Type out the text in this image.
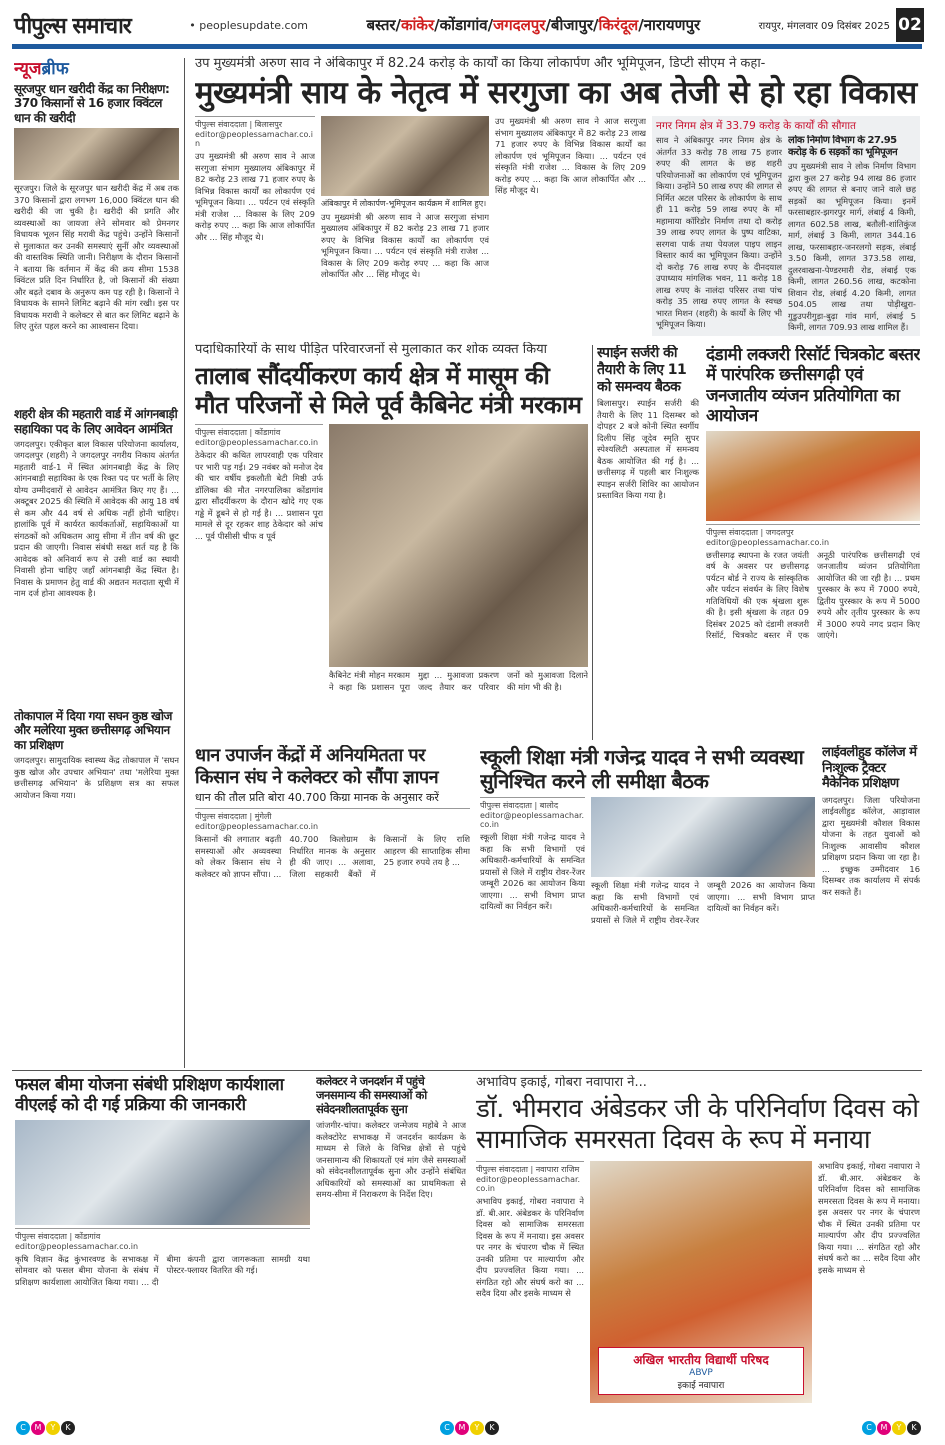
पीपुल्स समाचार	• peoplesupdate.com	बस्तर/कांकेर/कोंडागांव/जगदलपुर/बीजापुर/किरंदूल/नारायणपुर	रायपुर, मंगलवार 09 दिसंबर 2025 02
न्यूजब्रीफ
सूरजपुर धान खरीदी केंद्र का निरीक्षण: 370 किसानों से 16 हजार क्विंटल धान की खरीदी
सूरजपुर। जिले के सूरजपुर धान खरीदी केंद्र में अब तक 370 किसानों द्वारा लगभग 16,000 क्विंटल धान की खरीदी की जा चुकी है। खरीदी की प्रगति और व्यवस्थाओं का जायजा लेने सोमवार को प्रेमनगर विधायक भूलन सिंह मरावी केंद्र पहुंचे। उन्होंने किसानों से मुलाकात कर उनकी समस्याएं सुनीं और व्यवस्थाओं की वास्तविक स्थिति जानी। निरीक्षण के दौरान किसानों ने बताया कि वर्तमान में केंद्र की क्रय सीमा 1538 क्विंटल प्रति दिन निर्धारित है, जो किसानों की संख्या और बढ़ते दबाव के अनुरूप कम पड़ रही है। किसानों ने विधायक के सामने लिमिट बढ़ाने की मांग रखी। इस पर विधायक मरावी ने कलेक्टर से बात कर लिमिट बढ़ाने के लिए तुरंत पहल करने का आश्वासन दिया।
शहरी क्षेत्र की महतारी वार्ड में आंगनबाड़ी सहायिका पद के लिए आवेदन आमंत्रित
जगदलपुर। एकीकृत बाल विकास परियोजना कार्यालय, जगदलपुर (शहरी) ने जगदलपुर नगरीय निकाय अंतर्गत महतारी वार्ड-1 में स्थित आंगनबाड़ी केंद्र के लिए आंगनबाड़ी सहायिका के एक रिक्त पद पर भर्ती के लिए योग्य उम्मीदवारों से आवेदन आमंत्रित किए गए हैं। ... अक्टूबर 2025 की स्थिति में आवेदक की आयु 18 वर्ष से कम और 44 वर्ष से अधिक नहीं होनी चाहिए। हालांकि पूर्व में कार्यरत कार्यकर्ताओं, सहायिकाओं या संगठकों को अधिकतम आयु सीमा में तीन वर्ष की छूट प्रदान की जाएगी। निवास संबंधी सख्त शर्त यह है कि आवेदक को अनिवार्य रूप से उसी वार्ड का स्थायी निवासी होना चाहिए जहाँ आंगनबाड़ी केंद्र स्थित है। निवास के प्रमाणन हेतु वार्ड की अद्यतन मतदाता सूची में नाम दर्ज होना आवश्यक है।
तोकापाल में दिया गया सघन कुष्ठ खोज और मलेरिया मुक्त छत्तीसगढ़ अभियान का प्रशिक्षण
जगदलपुर। सामुदायिक स्वास्थ्य केंद्र तोकापाल में 'सघन कुष्ठ खोज और उपचार अभियान' तथा 'मलेरिया मुक्त छत्तीसगढ़ अभियान' के प्रशिक्षण सत्र का सफल आयोजन किया गया।
उप मुख्यमंत्री अरुण साव ने अंबिकापुर में 82.24 करोड़ के कार्यों का किया लोकार्पण और भूमिपूजन, डिप्टी सीएम ने कहा-
मुख्यमंत्री साय के नेतृत्व में सरगुजा का अब तेजी से हो रहा विकास
पीपुल्स संवाददाता | बिलासपुर
editor@peoplessamachar.co.in
उप मुख्यमंत्री श्री अरुण साव ने आज सरगुजा संभाग मुख्यालय अंबिकापुर में 82 करोड़ 23 लाख 71 हजार रुपए के विभिन्न विकास कार्यों का लोकार्पण एवं भूमिपूजन किया। ... पर्यटन एवं संस्कृति मंत्री राजेश ... विकास के लिए 209 करोड़ रुपए ... कहा कि आज लोकार्पित और ... सिंह मौजूद थे।
अंबिकापुर में लोकार्पण-भूमिपूजन कार्यक्रम में शामिल हुए।
उप मुख्यमंत्री श्री अरुण साव ने आज सरगुजा संभाग मुख्यालय अंबिकापुर में 82 करोड़ 23 लाख 71 हजार रुपए के विभिन्न विकास कार्यों का लोकार्पण एवं भूमिपूजन किया। ... पर्यटन एवं संस्कृति मंत्री राजेश ... विकास के लिए 209 करोड़ रुपए ... कहा कि आज लोकार्पित और ... सिंह मौजूद थे।
उप मुख्यमंत्री श्री अरुण साव ने आज सरगुजा संभाग मुख्यालय अंबिकापुर में 82 करोड़ 23 लाख 71 हजार रुपए के विभिन्न विकास कार्यों का लोकार्पण एवं भूमिपूजन किया। ... पर्यटन एवं संस्कृति मंत्री राजेश ... विकास के लिए 209 करोड़ रुपए ... कहा कि आज लोकार्पित और ... सिंह मौजूद थे।
नगर निगम क्षेत्र में 33.79 करोड़ के कार्यों की सौगात
साव ने अंबिकापुर नगर निगम क्षेत्र के अंतर्गत 33 करोड़ 78 लाख 75 हजार रुपए की लागत के छह शहरी परियोजनाओं का लोकार्पण एवं भूमिपूजन किया। उन्होंने 50 लाख रुपए की लागत से निर्मित अटल परिसर के लोकार्पण के साथ ही 11 करोड़ 59 लाख रुपए के माँ महामाया कॉरिडोर निर्माण तथा दो करोड़ 39 लाख रुपए लागत के पुष्प वाटिका, सरगवा पार्क तथा पेयजल पाइप लाइन विस्तार कार्य का भूमिपूजन किया। उन्होंने दो करोड़ 76 लाख रुपए के दीनदयाल उपाध्याय मांगलिक भवन, 11 करोड़ 18 लाख रुपए के नालंदा परिसर तथा पांच करोड़ 35 लाख रुपए लागत के स्वच्छ भारत मिशन (शहरी) के कार्यों के लिए भी भूमिपूजन किया।
लोक निर्माण विभाग के 27.95 करोड़ के 6 सड़कों का भूमिपूजन
उप मुख्यमंत्री साव ने लोक निर्माण विभाग द्वारा कुल 27 करोड़ 94 लाख 86 हजार रुपए की लागत से बनाए जाने वाले छह सड़कों का भूमिपूजन किया। इनमें फरसाबहार-झगरपुर मार्ग, लंबाई 4 किमी, लागत 602.58 लाख, बतौली-शांतिकुंज मार्ग, लंबाई 3 किमी, लागत 344.16 लाख, फरसाबहार-जनरलगो सड़क, लंबाई 3.50 किमी, लागत 373.58 लाख, दुलरवाखना-पेण्डरमारी रोड, लंबाई एक किमी, लागत 260.56 लाख, कटकोना शिवान रोड, लंबाई 4.20 किमी, लागत 504.05 लाख तथा पोड़ीखुरा-गुडुउपरीगुड़ा-बुढ़ा गांव मार्ग, लंबाई 5 किमी, लागत 709.93 लाख शामिल हैं।
पदाधिकारियों के साथ पीड़ित परिवारजनों से मुलाकात कर शोक व्यक्त किया
तालाब सौंदर्यीकरण कार्य क्षेत्र में मासूम की मौत परिजनों से मिले पूर्व कैबिनेट मंत्री मरकाम
पीपुल्स संवाददाता | कोंडागांव
editor@peoplessamachar.co.in
ठेकेदार की कथित लापरवाही एक परिवार पर भारी पड़ गई। 29 नवंबर को मनोज देव की चार वर्षीय इकलौती बेटी मिष्ठी उर्फ डॉलिका की मौत नगरपालिका कोंडागांव द्वारा सौंदर्यीकरण के दौरान खोदे गए एक गड्ढे में डूबने से हो गई है। ... प्रशासन पूरा मामले से दूर रहकर शाह ठेकेदार को आंच ... पूर्व पीसीसी चीफ व पूर्व
कैबिनेट मंत्री मोहन मरकाम ने कहा कि प्रशासन पूरा मुद्दा ... मुआवजा प्रकरण जल्द तैयार कर परिवार जनों को मुआवजा दिलाने की मांग भी की है।
स्पाईन सर्जरी की तैयारी के लिए 11 को समन्वय बैठक
बिलासपुर। स्पाईन सर्जरी की तैयारी के लिए 11 दिसम्बर को दोपहर 2 बजे कोनी स्थित स्वर्गीय दिलीप सिंह जूदेव स्मृति सुपर स्पेश्यलिटी अस्पताल में समन्वय बैठक आयोजित की गई है। ... छत्तीसगढ़ में पहली बार निःशुल्क स्पाइन सर्जरी शिविर का आयोजन प्रस्तावित किया गया है।
दंडामी लक्जरी रिसॉर्ट चित्रकोट बस्तर में पारंपरिक छत्तीसगढ़ी एवं जनजातीय व्यंजन प्रतियोगिता का आयोजन
पीपुल्स संवाददाता | जगदलपुर
editor@peoplessamachar.co.in
छत्तीसगढ़ स्थापना के रजत जयंती वर्ष के अवसर पर छत्तीसगढ़ पर्यटन बोर्ड ने राज्य के सांस्कृतिक और पर्यटन संवर्धन के लिए विशेष गतिविधियों की एक श्रृंखला शुरू की है। इसी श्रृंखला के तहत 09 दिसंबर 2025 को दंडामी लक्जरी रिसॉर्ट, चित्रकोट बस्तर में एक अनूठी पारंपरिक छत्तीसगढ़ी एवं जनजातीय व्यंजन प्रतियोगिता आयोजित की जा रही है। ... प्रथम पुरस्कार के रूप में 7000 रुपये, द्वितीय पुरस्कार के रूप में 5000 रुपये और तृतीय पुरस्कार के रूप में 3000 रुपये नगद प्रदान किए जाएंगे।
धान उपार्जन केंद्रों में अनियमितता पर किसान संघ ने कलेक्टर को सौंपा ज्ञापन
धान की तौल प्रति बोरा 40.700 किग्रा मानक के अनुसार करें
पीपुल्स संवाददाता | मुंगेली
editor@peoplessamachar.co.in
किसानों की लगातार बढ़ती समस्याओं और अव्यवस्था को लेकर किसान संघ ने कलेक्टर को ज्ञापन सौंपा। ... 40.700 किलोग्राम के निर्धारित मानक के अनुसार ही की जाए। ... अलावा, जिला सहकारी बैंकों में किसानों के लिए राशि आहरण की साप्ताहिक सीमा 25 हजार रुपये तय है ...
स्कूली शिक्षा मंत्री गजेन्द्र यादव ने सभी व्यवस्था सुनिश्चित करने ली समीक्षा बैठक
पीपुल्स संवाददाता | बालोद
editor@peoplessamachar.co.in
स्कूली शिक्षा मंत्री गजेन्द्र यादव ने कहा कि सभी विभागों एवं अधिकारी-कर्मचारियों के समन्वित प्रयासों से जिले में राष्ट्रीय रोवर-रेंजर जम्बूरी 2026 का आयोजन किया जाएगा। ... सभी विभाग प्राप्त दायित्वों का निर्वहन करें।
स्कूली शिक्षा मंत्री गजेन्द्र यादव ने कहा कि सभी विभागों एवं अधिकारी-कर्मचारियों के समन्वित प्रयासों से जिले में राष्ट्रीय रोवर-रेंजर जम्बूरी 2026 का आयोजन किया जाएगा। ... सभी विभाग प्राप्त दायित्वों का निर्वहन करें।
लाईवलीहुड कॉलेज में निःशुल्क ट्रैक्टर मैकेनिक प्रशिक्षण
जगदलपुर। जिला परियोजना लाईवलीहुड कॉलेज, आड़ावाल द्वारा मुख्यमंत्री कौशल विकास योजना के तहत युवाओं को निःशुल्क आवासीय कौशल प्रशिक्षण प्रदान किया जा रहा है। ... इच्छुक उम्मीदवार 16 दिसम्बर तक कार्यालय में संपर्क कर सकते हैं।
फसल बीमा योजना संबंधी प्रशिक्षण कार्यशाला वीएलई को दी गई प्रक्रिया की जानकारी
पीपुल्स संवाददाता | कोंडागांव
editor@peoplessamachar.co.in
कृषि विज्ञान केंद्र कुंभारवण्ड के सभाकक्ष में सोमवार को फसल बीमा योजना के संबंध में प्रशिक्षण कार्यशाला आयोजित किया गया। ... दी बीमा कंपनी द्वारा जागरूकता सामग्री यथा पोस्टर-फ्लायर वितरित की गई।
कलेक्टर ने जनदर्शन में पहुंचे जनसमान्य की समस्याओं को संवेदनशीलतापूर्वक सुना
जांजगीर-चांपा। कलेक्टर जन्मेजय महोबे ने आज कलेक्टोरेट सभाकक्ष में जनदर्शन कार्यक्रम के माध्यम से जिले के विभिन्न क्षेत्रों से पहुंचे जनसामान्य की शिकायतों एवं मांग जैसे समस्याओं को संवेदनशीलतापूर्वक सुना और उन्होंने संबंधित अधिकारियों को समस्याओं का प्राथमिकता से समय-सीमा में निराकरण के निर्देश दिए।
अभाविप इकाई, गोबरा नवापारा ने...
डॉ. भीमराव अंबेडकर जी के परिनिर्वाण दिवस को सामाजिक समरसता दिवस के रूप में मनाया
पीपुल्स संवाददाता | नवापारा राजिम
editor@peoplessamachar.co.in
अभाविप इकाई, गोबरा नवापारा ने डॉ. बी.आर. अंबेडकर के परिनिर्वाण दिवस को सामाजिक समरसता दिवस के रूप में मनाया। इस अवसर पर नगर के चंपारण चौक में स्थित उनकी प्रतिमा पर माल्यार्पण और दीप प्रज्ज्वलित किया गया। ... संगठित रहो और संघर्ष करो का ... सदैव दिया और इसके माध्यम से
अखिल भारतीय विद्यार्थी परिषद
ABVP
इकाई नवापारा
अभाविप इकाई, गोबरा नवापारा ने डॉ. बी.आर. अंबेडकर के परिनिर्वाण दिवस को सामाजिक समरसता दिवस के रूप में मनाया। इस अवसर पर नगर के चंपारण चौक में स्थित उनकी प्रतिमा पर माल्यार्पण और दीप प्रज्ज्वलित किया गया। ... संगठित रहो और संघर्ष करो का ... सदैव दिया और इसके माध्यम से
C M Y K	C M Y K	C M Y K
